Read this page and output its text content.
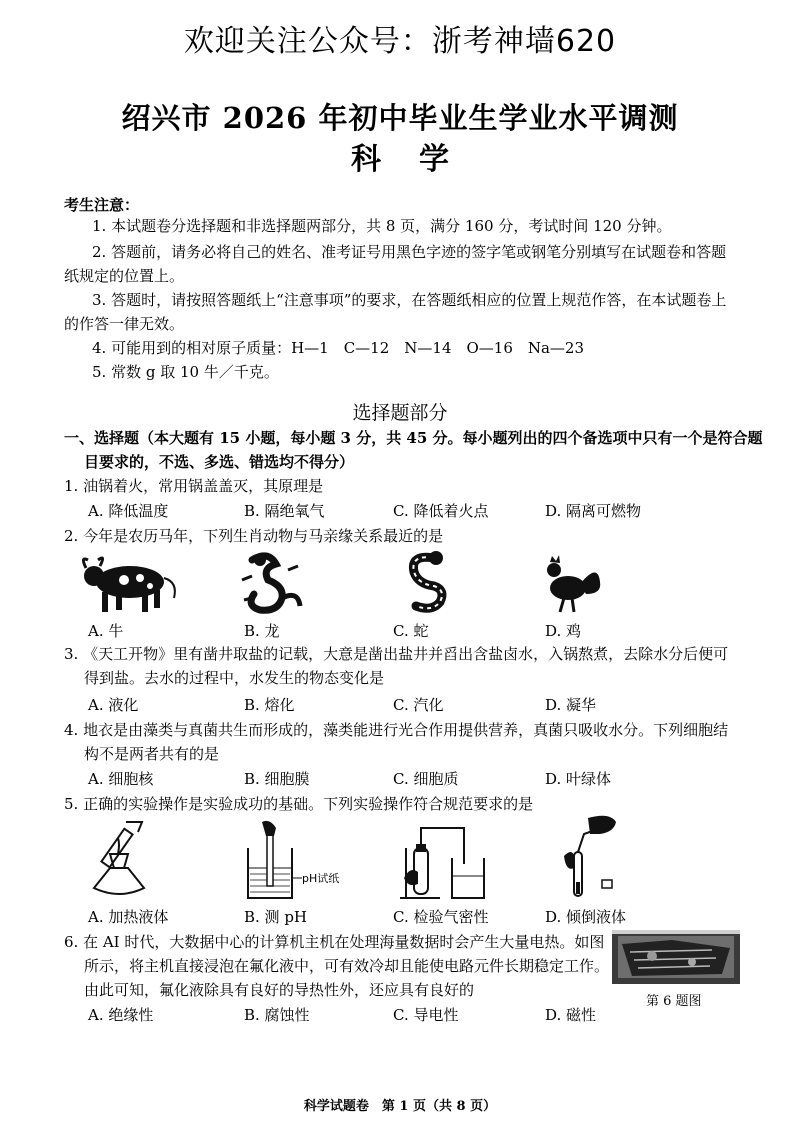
欢迎关注公众号：浙考神墙620
绍兴市 2026 年初中毕业生学业水平调测
科学
考生注意：
1. 本试题卷分选择题和非选择题两部分，共 8 页，满分 160 分，考试时间 120 分钟。
2. 答题前，请务必将自己的姓名、准考证号用黑色字迹的签字笔或钢笔分别填写在试题卷和答题
纸规定的位置上。
3. 答题时，请按照答题纸上“注意事项”的要求，在答题纸相应的位置上规范作答，在本试题卷上
的作答一律无效。
4. 可能用到的相对原子质量：H—1　C—12　N—14　O—16　Na—23
5. 常数 g 取 10 牛／千克。
选择题部分
一、选择题（本大题有 15 小题，每小题 3 分，共 45 分。每小题列出的四个备选项中只有一个是符合题
目要求的，不选、多选、错选均不得分）
1. 油锅着火，常用锅盖盖灭，其原理是
A. 降低温度	B. 隔绝氧气	C. 降低着火点	D. 隔离可燃物
2. 今年是农历马年，下列生肖动物与马亲缘关系最近的是
A. 牛	B. 龙	C. 蛇	D. 鸡
3. 《天工开物》里有凿井取盐的记载，大意是凿出盐井并舀出含盐卤水，入锅熬煮，去除水分后便可
得到盐。去水的过程中，水发生的物态变化是
A. 液化	B. 熔化	C. 汽化	D. 凝华
4. 地衣是由藻类与真菌共生而形成的，藻类能进行光合作用提供营养，真菌只吸收水分。下列细胞结
构不是两者共有的是
A. 细胞核	B. 细胞膜	C. 细胞质	D. 叶绿体
5. 正确的实验操作是实验成功的基础。下列实验操作符合规范要求的是
pH试纸
A. 加热液体	B. 测 pH	C. 检验气密性	D. 倾倒液体
6. 在 AI 时代，大数据中心的计算机主机在处理海量数据时会产生大量电热。如图
所示，将主机直接浸泡在氟化液中，可有效冷却且能使电路元件长期稳定工作。
由此可知，氟化液除具有良好的导热性外，还应具有良好的
第 6 题图
A. 绝缘性	B. 腐蚀性	C. 导电性	D. 磁性
科学试题卷　第 1 页（共 8 页）
